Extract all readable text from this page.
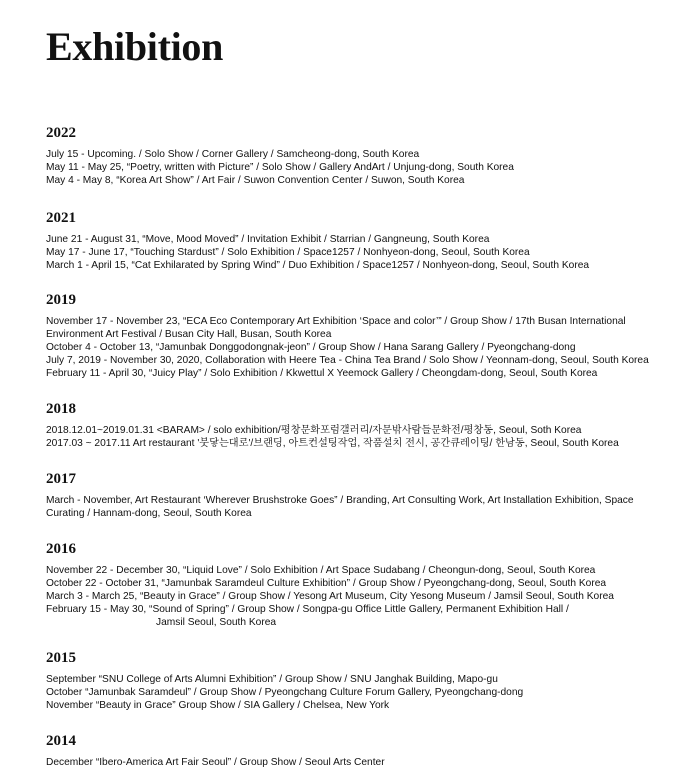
Exhibition
2022

July 15 - Upcoming. / Solo Show / Corner Gallery / Samcheong-dong, South Korea

May 11 - May 25, “Poetry, written with Picture” / Solo Show / Gallery AndArt / Unjung-dong, South Korea

May 4 - May 8, “Korea Art Show” / Art Fair / Suwon Convention Center / Suwon, South Korea

2021

June 21 - August 31, “Move, Mood Moved” / Invitation Exhibit / Starrian / Gangneung, South Korea

May 17 - June 17, “Touching Stardust” / Solo Exhibition / Space1257 / Nonhyeon-dong, Seoul, South Korea

March 1 - April 15, “Cat Exhilarated by Spring Wind” / Duo Exhibition / Space1257 / Nonhyeon-dong, Seoul, South Korea

2019

November 17 - November 23, “ECA Eco Contemporary Art Exhibition ‘Space and color’” / Group Show / 17th Busan International Environment Art Festival / Busan City Hall, Busan, South Korea

October 4 - October 13, “Jamunbak Donggodongnak-jeon” / Group Show / Hana Sarang Gallery / Pyeongchang-dong

July 7, 2019 - November 30, 2020, Collaboration with Heere Tea - China Tea Brand / Solo Show / Yeonnam-dong, Seoul, South Korea

February 11 - April 30, “Juicy Play” / Solo Exhibition / Kkwettul X Yeemock Gallery / Cheongdam-dong, Seoul, South Korea

2018

2018.12.01~2019.01.31 <BARAM> / solo exhibition/평창문화포럼갤러리/자문밖사람들문화전/평창동, Seoul, Soth Korea

2017.03 ~ 2017.11 Art restaurant '붓닿는대로'/브랜딩, 아트컨설팅작업, 작품설치 전시, 공간큐레이팅/ 한남동, Seoul, South Korea

2017

March - November, Art Restaurant ‘Wherever Brushstroke Goes” / Branding, Art Consulting Work, Art Installation Exhibition, Space Curating / Hannam-dong, Seoul, South Korea

2016

November 22 - December 30, “Liquid Love” / Solo Exhibition / Art Space Sudabang / Cheongun-dong, Seoul, South Korea

October 22 - October 31, “Jamunbak Saramdeul Culture Exhibition” / Group Show / Pyeongchang-dong, Seoul, South Korea

March 3 - March 25, “Beauty in Grace” / Group Show / Yesong Art Museum, City Yesong Museum / Jamsil Seoul, South Korea

February 15 - May 30, “Sound of Spring” / Group Show / Songpa-gu Office Little Gallery, Permanent Exhibition Hall /
Jamsil Seoul, South Korea

2015

September “SNU College of Arts Alumni Exhibition” / Group Show / SNU Janghak Building, Mapo-gu

October “Jamunbak Saramdeul” / Group Show / Pyeongchang Culture Forum Gallery, Pyeongchang-dong

November “Beauty in Grace” Group Show / SIA Gallery / Chelsea, New York

2014

December “Ibero-America Art Fair Seoul” / Group Show / Seoul Arts Center
